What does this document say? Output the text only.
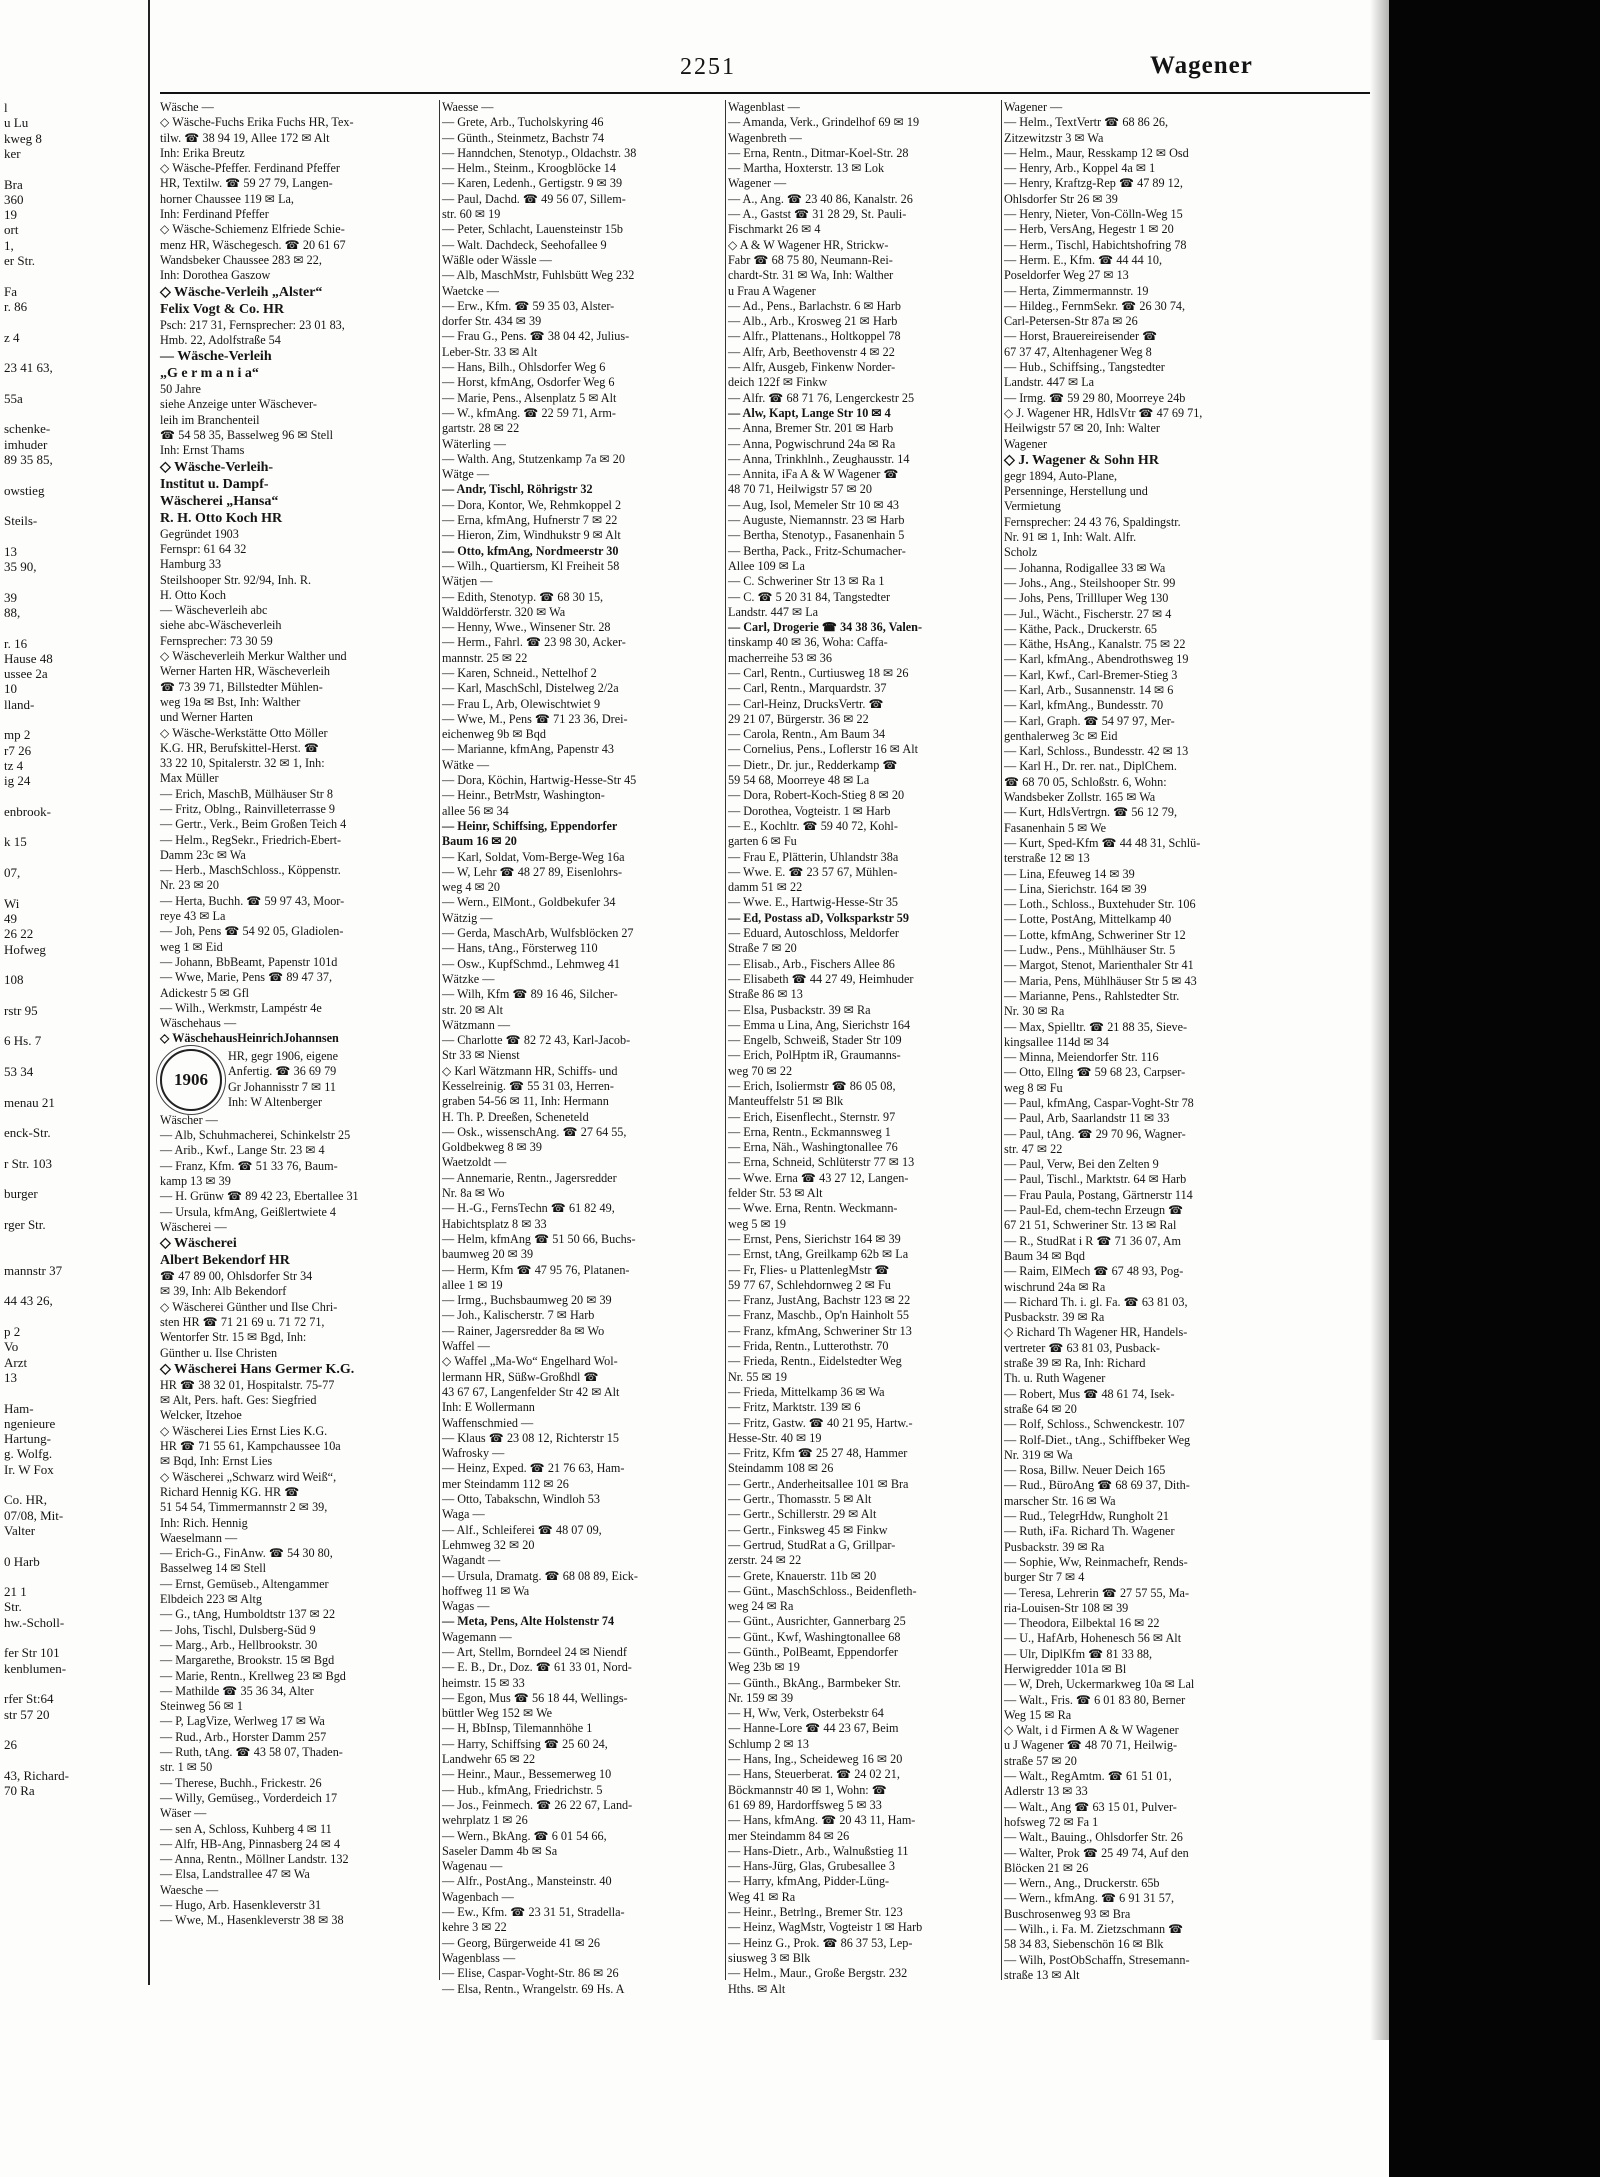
l
u Lu
kweg 8
ker
Bra
360
19
ort
1,
er Str.
Fa
r. 86
z 4
23 41 63,
55a
schenke-
imhuder
89 35 85,
owstieg
Steils-
13
35 90,
39
88,
r. 16
Hause 48
ussee 2a
10
lland-
mp 2
r7 26
tz 4
ig 24
enbrook-
k 15
07,
Wi
49
26 22
Hofweg
108
rstr 95
6 Hs. 7
53 34
menau 21
enck-Str.
r Str. 103
burger
rger Str.
mannstr 37
44 43 26,
p 2
Vo
Arzt
13
Ham-
ngenieure
Hartung-
g. Wolfg.
Ir. W Fox
Co. HR,
07/08, Mit-
Valter
0 Harb
21 1
Str.
hw.-Scholl-
fer Str 101
kenblumen-
rfer St:64
str 57 20
26
43, Richard-
70 Ra
2251	Wagener
Wäsche —
◇ Wäsche-Fuchs Erika Fuchs HR, Tex-
tilw. ☎ 38 94 19, Allee 172 ✉ Alt
Inh: Erika Breutz
◇ Wäsche-Pfeffer. Ferdinand Pfeffer
HR, Textilw. ☎ 59 27 79, Langen-
horner Chaussee 119 ✉ La,
Inh: Ferdinand Pfeffer
◇ Wäsche-Schiemenz Elfriede Schie-
menz HR, Wäschegesch. ☎ 20 61 67
Wandsbeker Chaussee 283 ✉ 22,
Inh: Dorothea Gaszow
◇ Wäsche-Verleih „Alster“
Felix Vogt & Co. HR
Psch: 217 31, Fernsprecher: 23 01 83,
Hmb. 22, Adolfstraße 54
— Wäsche-Verleih
„G e r m a n i a“
50 Jahre
siehe Anzeige unter Wäschever-
leih im Branchenteil
☎ 54 58 35, Basselweg 96 ✉ Stell
Inh: Ernst Thams
◇ Wäsche-Verleih-
Institut u. Dampf-
Wäscherei „Hansa“
R. H. Otto Koch HR
Gegründet 1903
Fernspr: 61 64 32
Hamburg 33
Steilshooper Str. 92/94, Inh. R.
H. Otto Koch
— Wäscheverleih abc
siehe abc-Wäscheverleih
Fernsprecher: 73 30 59
◇ Wäscheverleih Merkur Walther und
Werner Harten HR, Wäscheverleih
☎ 73 39 71, Billstedter Mühlen-
weg 19a ✉ Bst, Inh: Walther
und Werner Harten
◇ Wäsche-Werkstätte Otto Möller
K.G. HR, Berufskittel-Herst. ☎
33 22 10, Spitalerstr. 32 ✉ 1, Inh:
Max Müller
— Erich, MaschB, Mülhäuser Str 8
— Fritz, Oblng., Rainvilleterrasse 9
— Gertr., Verk., Beim Großen Teich 4
— Helm., RegSekr., Friedrich-Ebert-
Damm 23c ✉ Wa
— Herb., MaschSchloss., Köppenstr.
Nr. 23 ✉ 20
— Herta, Buchh. ☎ 59 97 43, Moor-
reye 43 ✉ La
— Joh, Pens ☎ 54 92 05, Gladiolen-
weg 1 ✉ Eid
— Johann, BbBeamt, Papenstr 101d
— Wwe, Marie, Pens ☎ 89 47 37,
Adickestr 5 ✉ Gfl
— Wilh., Werkmstr, Lampéstr 4e
Wäschehaus —
◇ WäschehausHeinrichJohannsen
1906
HR, gegr 1906, eigene
Anfertig. ☎ 36 69 79
Gr Johannisstr 7 ✉ 11
Inh: W Altenberger
Wäscher —
— Alb, Schuhmacherei, Schinkelstr 25
— Arib., Kwf., Lange Str. 23 ✉ 4
— Franz, Kfm. ☎ 51 33 76, Baum-
kamp 13 ✉ 39
— H. Grünw ☎ 89 42 23, Ebertallee 31
— Ursula, kfmAng, Geißlertwiete 4
Wäscherei —
◇ Wäscherei
Albert Bekendorf HR
☎ 47 89 00, Ohlsdorfer Str 34
✉ 39, Inh: Alb Bekendorf
◇ Wäscherei Günther und Ilse Chri-
sten HR ☎ 71 21 69 u. 71 72 71,
Wentorfer Str. 15 ✉ Bgd, Inh:
Günther u. Ilse Christen
◇ Wäscherei Hans Germer K.G.
HR ☎ 38 32 01, Hospitalstr. 75-77
✉ Alt, Pers. haft. Ges: Siegfried
Welcker, Itzehoe
◇ Wäscherei Lies Ernst Lies K.G.
HR ☎ 71 55 61, Kampchaussee 10a
✉ Bqd, Inh: Ernst Lies
◇ Wäscherei „Schwarz wird Weiß“,
Richard Hennig KG. HR ☎
51 54 54, Timmermannstr 2 ✉ 39,
Inh: Rich. Hennig
Waeselmann —
— Erich-G., FinAnw. ☎ 54 30 80,
Basselweg 14 ✉ Stell
— Ernst, Gemüseb., Altengammer
Elbdeich 223 ✉ Altg
— G., tAng, Humboldtstr 137 ✉ 22
— Johs, Tischl, Dulsberg-Süd 9
— Marg., Arb., Hellbrookstr. 30
— Margarethe, Brookstr. 15 ✉ Bgd
— Marie, Rentn., Krellweg 23 ✉ Bgd
— Mathilde ☎ 35 36 34, Alter
Steinweg 56 ✉ 1
— P, LagVize, Werlweg 17 ✉ Wa
— Rud., Arb., Horster Damm 257
— Ruth, tAng. ☎ 43 58 07, Thaden-
str. 1 ✉ 50
— Therese, Buchh., Frickestr. 26
— Willy, Gemüseg., Vorderdeich 17
Wäser —
— sen A, Schloss, Kuhberg 4 ✉ 11
— Alfr, HB-Ang, Pinnasberg 24 ✉ 4
— Anna, Rentn., Möllner Landstr. 132
— Elsa, Landstrallee 47 ✉ Wa
Waesche —
— Hugo, Arb. Hasenkleverstr 31
— Wwe, M., Hasenkleverstr 38 ✉ 38
Waesse —
— Grete, Arb., Tucholskyring 46
— Günth., Steinmetz, Bachstr 74
— Hanndchen, Stenotyp., Oldachstr. 38
— Helm., Steinm., Kroogblöcke 14
— Karen, Ledenh., Gertigstr. 9 ✉ 39
— Paul, Dachd. ☎ 49 56 07, Sillem-
str. 60 ✉ 19
— Peter, Schlacht, Lauensteinstr 15b
— Walt. Dachdeck, Seehofallee 9
Wäßle oder Wässle —
— Alb, MaschMstr, Fuhlsbütt Weg 232
Waetcke —
— Erw., Kfm. ☎ 59 35 03, Alster-
dorfer Str. 434 ✉ 39
— Frau G., Pens. ☎ 38 04 42, Julius-
Leber-Str. 33 ✉ Alt
— Hans, Bilh., Ohlsdorfer Weg 6
— Horst, kfmAng, Osdorfer Weg 6
— Marie, Pens., Alsenplatz 5 ✉ Alt
— W., kfmAng. ☎ 22 59 71, Arm-
gartstr. 28 ✉ 22
Wäterling —
— Walth. Ang, Stutzenkamp 7a ✉ 20
Wätge —
— Andr, Tischl, Röhrigstr 32
— Dora, Kontor, We, Rehmkoppel 2
— Erna, kfmAng, Hufnerstr 7 ✉ 22
— Hieron, Zim, Windhukstr 9 ✉ Alt
— Otto, kfmAng, Nordmeerstr 30
— Wilh., Quartiersm, Kl Freiheit 58
Wätjen —
— Edith, Stenotyp. ☎ 68 30 15,
Walddörferstr. 320 ✉ Wa
— Henny, Wwe., Winsener Str. 28
— Herm., Fahrl. ☎ 23 98 30, Acker-
mannstr. 25 ✉ 22
— Karen, Schneid., Nettelhof 2
— Karl, MaschSchl, Distelweg 2/2a
— Frau L, Arb, Olewischtwiet 9
— Wwe, M., Pens ☎ 71 23 36, Drei-
eichenweg 9b ✉ Bqd
— Marianne, kfmAng, Papenstr 43
Wätke —
— Dora, Köchin, Hartwig-Hesse-Str 45
— Heinr., BetrMstr, Washington-
allee 56 ✉ 34
— Heinr, Schiffsing, Eppendorfer
Baum 16 ✉ 20
— Karl, Soldat, Vom-Berge-Weg 16a
— W, Lehr ☎ 48 27 89, Eisenlohrs-
weg 4 ✉ 20
— Wern., ElMont., Goldbekufer 34
Wätzig —
— Gerda, MaschArb, Wulfsblöcken 27
— Hans, tAng., Försterweg 110
— Osw., KupfSchmd., Lehmweg 41
Wätzke —
— Wilh, Kfm ☎ 89 16 46, Silcher-
str. 20 ✉ Alt
Wätzmann —
— Charlotte ☎ 82 72 43, Karl-Jacob-
Str 33 ✉ Nienst
◇ Karl Wätzmann HR, Schiffs- und
Kesselreinig. ☎ 55 31 03, Herren-
graben 54-56 ✉ 11, Inh: Hermann
H. Th. P. Dreeßen, Scheneteld
— Osk., wissenschAng. ☎ 27 64 55,
Goldbekweg 8 ✉ 39
Waetzoldt —
— Annemarie, Rentn., Jagersredder
Nr. 8a ✉ Wo
— H.-G., FernsTechn ☎ 61 82 49,
Habichtsplatz 8 ✉ 33
— Helm, kfmAng ☎ 51 50 66, Buchs-
baumweg 20 ✉ 39
— Herm, Kfm ☎ 47 95 76, Platanen-
allee 1 ✉ 19
— Irmg., Buchsbaumweg 20 ✉ 39
— Joh., Kalischerstr. 7 ✉ Harb
— Rainer, Jagersredder 8a ✉ Wo
Waffel —
◇ Waffel „Ma-Wo“ Engelhard Wol-
lermann HR, Süßw-Großhdl ☎
43 67 67, Langenfelder Str 42 ✉ Alt
Inh: E Wollermann
Waffenschmied —
— Klaus ☎ 23 08 12, Richterstr 15
Wafrosky —
— Heinz, Exped. ☎ 21 76 63, Ham-
mer Steindamm 112 ✉ 26
— Otto, Tabakschn, Windloh 53
Waga —
— Alf., Schleiferei ☎ 48 07 09,
Lehmweg 32 ✉ 20
Wagandt —
— Ursula, Dramatg. ☎ 68 08 89, Eick-
hoffweg 11 ✉ Wa
Wagas —
— Meta, Pens, Alte Holstenstr 74
Wagemann —
— Art, Stellm, Borndeel 24 ✉ Niendf
— E. B., Dr., Doz. ☎ 61 33 01, Nord-
heimstr. 15 ✉ 33
— Egon, Mus ☎ 56 18 44, Wellings-
büttler Weg 152 ✉ We
— H, BbInsp, Tilemannhöhe 1
— Harry, Schiffsing ☎ 25 60 24,
Landwehr 65 ✉ 22
— Heinr., Maur., Bessemerweg 10
— Hub., kfmAng, Friedrichstr. 5
— Jos., Feinmech. ☎ 26 22 67, Land-
wehrplatz 1 ✉ 26
— Wern., BkAng. ☎ 6 01 54 66,
Saseler Damm 4b ✉ Sa
Wagenau —
— Alfr., PostAng., Mansteinstr. 40
Wagenbach —
— Ew., Kfm. ☎ 23 31 51, Stradella-
kehre 3 ✉ 22
— Georg, Bürgerweide 41 ✉ 26
Wagenblass —
— Elise, Caspar-Voght-Str. 86 ✉ 26
— Elsa, Rentn., Wrangelstr. 69 Hs. A
Wagenblast —
— Amanda, Verk., Grindelhof 69 ✉ 19
Wagenbreth —
— Erna, Rentn., Ditmar-Koel-Str. 28
— Martha, Hoxterstr. 13 ✉ Lok
Wagener —
— A., Ang. ☎ 23 40 86, Kanalstr. 26
— A., Gastst ☎ 31 28 29, St. Pauli-
Fischmarkt 26 ✉ 4
◇ A & W Wagener HR, Strickw-
Fabr ☎ 68 75 80, Neumann-Rei-
chardt-Str. 31 ✉ Wa, Inh: Walther
u Frau A Wagener
— Ad., Pens., Barlachstr. 6 ✉ Harb
— Alb., Arb., Krosweg 21 ✉ Harb
— Alfr., Plattenans., Holtkoppel 78
— Alfr, Arb, Beethovenstr 4 ✉ 22
— Alfr, Ausgeb, Finkenw Norder-
deich 122f ✉ Finkw
— Alfr. ☎ 68 71 76, Lengerckestr 25
— Alw, Kapt, Lange Str 10 ✉ 4
— Anna, Bremer Str. 201 ✉ Harb
— Anna, Pogwischrund 24a ✉ Ra
— Anna, Trinkhlnh., Zeughausstr. 14
— Annita, iFa A & W Wagener ☎
48 70 71, Heilwigstr 57 ✉ 20
— Aug, Isol, Memeler Str 10 ✉ 43
— Auguste, Niemannstr. 23 ✉ Harb
— Bertha, Stenotyp., Fasanenhain 5
— Bertha, Pack., Fritz-Schumacher-
Allee 109 ✉ La
— C. Schweriner Str 13 ✉ Ra 1
— C. ☎ 5 20 31 84, Tangstedter
Landstr. 447 ✉ La
— Carl, Drogerie ☎ 34 38 36, Valen-
tinskamp 40 ✉ 36, Woha: Caffa-
macherreihe 53 ✉ 36
— Carl, Rentn., Curtiusweg 18 ✉ 26
— Carl, Rentn., Marquardstr. 37
— Carl-Heinz, DrucksVertr. ☎
29 21 07, Bürgerstr. 36 ✉ 22
— Carola, Rentn., Am Baum 34
— Cornelius, Pens., Loflerstr 16 ✉ Alt
— Dietr., Dr. jur., Redderkamp ☎
59 54 68, Moorreye 48 ✉ La
— Dora, Robert-Koch-Stieg 8 ✉ 20
— Dorothea, Vogteistr. 1 ✉ Harb
— E., Kochltr. ☎ 59 40 72, Kohl-
garten 6 ✉ Fu
— Frau E, Plätterin, Uhlandstr 38a
— Wwe. E. ☎ 23 57 67, Mühlen-
damm 51 ✉ 22
— Wwe. E., Hartwig-Hesse-Str 35
— Ed, Postass aD, Volksparkstr 59
— Eduard, Autoschloss, Meldorfer
Straße 7 ✉ 20
— Elisab., Arb., Fischers Allee 86
— Elisabeth ☎ 44 27 49, Heimhuder
Straße 86 ✉ 13
— Elsa, Pusbackstr. 39 ✉ Ra
— Emma u Lina, Ang, Sierichstr 164
— Engelb, Schweiß, Stader Str 109
— Erich, PolHptm iR, Graumanns-
weg 70 ✉ 22
— Erich, Isoliermstr ☎ 86 05 08,
Manteuffelstr 51 ✉ Blk
— Erich, Eisenflecht., Sternstr. 97
— Erna, Rentn., Eckmannsweg 1
— Erna, Näh., Washingtonallee 76
— Erna, Schneid, Schlüterstr 77 ✉ 13
— Wwe. Erna ☎ 43 27 12, Langen-
felder Str. 53 ✉ Alt
— Wwe. Erna, Rentn. Weckmann-
weg 5 ✉ 19
— Ernst, Pens, Sierichstr 164 ✉ 39
— Ernst, tAng, Greilkamp 62b ✉ La
— Fr, Flies- u PlattenlegMstr ☎
59 77 67, Schlehdornweg 2 ✉ Fu
— Franz, JustAng, Bachstr 123 ✉ 22
— Franz, Maschb., Op'n Hainholt 55
— Franz, kfmAng, Schweriner Str 13
— Frida, Rentn., Lutterothstr. 70
— Frieda, Rentn., Eidelstedter Weg
Nr. 55 ✉ 19
— Frieda, Mittelkamp 36 ✉ Wa
— Fritz, Marktstr. 139 ✉ 6
— Fritz, Gastw. ☎ 40 21 95, Hartw.-
Hesse-Str. 40 ✉ 19
— Fritz, Kfm ☎ 25 27 48, Hammer
Steindamm 108 ✉ 26
— Gertr., Anderheitsallee 101 ✉ Bra
— Gertr., Thomasstr. 5 ✉ Alt
— Gertr., Schillerstr. 29 ✉ Alt
— Gertr., Finksweg 45 ✉ Finkw
— Gertrud, StudRat a G, Grillpar-
zerstr. 24 ✉ 22
— Grete, Knauerstr. 11b ✉ 20
— Günt., MaschSchloss., Beidenfleth-
weg 24 ✉ Ra
— Günt., Ausrichter, Gannerbarg 25
— Günt., Kwf, Washingtonallee 68
— Günth., PolBeamt, Eppendorfer
Weg 23b ✉ 19
— Günth., BkAng., Barmbeker Str.
Nr. 159 ✉ 39
— H, Ww, Verk, Osterbekstr 64
— Hanne-Lore ☎ 44 23 67, Beim
Schlump 2 ✉ 13
— Hans, Ing., Scheideweg 16 ✉ 20
— Hans, Steuerberat. ☎ 24 02 21,
Böckmannstr 40 ✉ 1, Wohn: ☎
61 69 89, Hardorffsweg 5 ✉ 33
— Hans, kfmAng. ☎ 20 43 11, Ham-
mer Steindamm 84 ✉ 26
— Hans-Dietr., Arb., Walnußstieg 11
— Hans-Jürg, Glas, Grubesallee 3
— Harry, kfmAng, Pidder-Lüng-
Weg 41 ✉ Ra
— Heinr., Betrlng., Bremer Str. 123
— Heinz, WagMstr, Vogteistr 1 ✉ Harb
— Heinz G., Prok. ☎ 86 37 53, Lep-
siusweg 3 ✉ Blk
— Helm., Maur., Große Bergstr. 232
Hths. ✉ Alt
Wagener —
— Helm., TextVertr ☎ 68 86 26,
Zitzewitzstr 3 ✉ Wa
— Helm., Maur, Resskamp 12 ✉ Osd
— Henry, Arb., Koppel 4a ✉ 1
— Henry, Kraftzg-Rep ☎ 47 89 12,
Ohlsdorfer Str 26 ✉ 39
— Henry, Nieter, Von-Cölln-Weg 15
— Herb, VersAng, Hegestr 1 ✉ 20
— Herm., Tischl, Habichtshofring 78
— Herm. E., Kfm. ☎ 44 44 10,
Poseldorfer Weg 27 ✉ 13
— Herta, Zimmermannstr. 19
— Hildeg., FernmSekr. ☎ 26 30 74,
Carl-Petersen-Str 87a ✉ 26
— Horst, Brauereireisender ☎
67 37 47, Altenhagener Weg 8
— Hub., Schiffsing., Tangstedter
Landstr. 447 ✉ La
— Irmg. ☎ 59 29 80, Moorreye 24b
◇ J. Wagener HR, HdlsVtr ☎ 47 69 71,
Heilwigstr 57 ✉ 20, Inh: Walter
Wagener
◇ J. Wagener & Sohn HR
gegr 1894, Auto-Plane,
Persenninge, Herstellung und
Vermietung
Fernsprecher: 24 43 76, Spaldingstr.
Nr. 91 ✉ 1, Inh: Walt. Alfr.
Scholz
— Johanna, Rodigallee 33 ✉ Wa
— Johs., Ang., Steilshooper Str. 99
— Johs, Pens, Trillluper Weg 130
— Jul., Wächt., Fischerstr. 27 ✉ 4
— Käthe, Pack., Druckerstr. 65
— Käthe, HsAng., Kanalstr. 75 ✉ 22
— Karl, kfmAng., Abendrothsweg 19
— Karl, Kwf., Carl-Bremer-Stieg 3
— Karl, Arb., Susannenstr. 14 ✉ 6
— Karl, kfmAng., Bundesstr. 70
— Karl, Graph. ☎ 54 97 97, Mer-
genthalerweg 3c ✉ Eid
— Karl, Schloss., Bundesstr. 42 ✉ 13
— Karl H., Dr. rer. nat., DiplChem.
☎ 68 70 05, Schloßstr. 6, Wohn:
Wandsbeker Zollstr. 165 ✉ Wa
— Kurt, HdlsVertrgn. ☎ 56 12 79,
Fasanenhain 5 ✉ We
— Kurt, Sped-Kfm ☎ 44 48 31, Schlü-
terstraße 12 ✉ 13
— Lina, Efeuweg 14 ✉ 39
— Lina, Sierichstr. 164 ✉ 39
— Loth., Schloss., Buxtehuder Str. 106
— Lotte, PostAng, Mittelkamp 40
— Lotte, kfmAng, Schweriner Str 12
— Ludw., Pens., Mühlhäuser Str. 5
— Margot, Stenot, Marienthaler Str 41
— Maria, Pens, Mühlhäuser Str 5 ✉ 43
— Marianne, Pens., Rahlstedter Str.
Nr. 30 ✉ Ra
— Max, Spielltr. ☎ 21 88 35, Sieve-
kingsallee 114d ✉ 34
— Minna, Meiendorfer Str. 116
— Otto, Ellng ☎ 59 68 23, Carpser-
weg 8 ✉ Fu
— Paul, kfmAng, Caspar-Voght-Str 78
— Paul, Arb, Saarlandstr 11 ✉ 33
— Paul, tAng. ☎ 29 70 96, Wagner-
str. 47 ✉ 22
— Paul, Verw, Bei den Zelten 9
— Paul, Tischl., Marktstr. 64 ✉ Harb
— Frau Paula, Postang, Gärtnerstr 114
— Paul-Ed, chem-techn Erzeugn ☎
67 21 51, Schweriner Str. 13 ✉ Ral
— R., StudRat i R ☎ 71 36 07, Am
Baum 34 ✉ Bqd
— Raim, ElMech ☎ 67 48 93, Pog-
wischrund 24a ✉ Ra
— Richard Th. i. gl. Fa. ☎ 63 81 03,
Pusbackstr. 39 ✉ Ra
◇ Richard Th Wagener HR, Handels-
vertreter ☎ 63 81 03, Pusback-
straße 39 ✉ Ra, Inh: Richard
Th. u. Ruth Wagener
— Robert, Mus ☎ 48 61 74, Isek-
straße 64 ✉ 20
— Rolf, Schloss., Schwenckestr. 107
— Rolf-Diet., tAng., Schiffbeker Weg
Nr. 319 ✉ Wa
— Rosa, Billw. Neuer Deich 165
— Rud., BüroAng ☎ 68 69 37, Dith-
marscher Str. 16 ✉ Wa
— Rud., TelegrHdw, Rungholt 21
— Ruth, iFa. Richard Th. Wagener
Pusbackstr. 39 ✉ Ra
— Sophie, Ww, Reinmachefr, Rends-
burger Str 7 ✉ 4
— Teresa, Lehrerin ☎ 27 57 55, Ma-
ria-Louisen-Str 108 ✉ 39
— Theodora, Eilbektal 16 ✉ 22
— U., HafArb, Hohenesch 56 ✉ Alt
— Ulr, DiplKfm ☎ 81 33 88,
Herwigredder 101a ✉ Bl
— W, Dreh, Uckermarkweg 10a ✉ Lal
— Walt., Fris. ☎ 6 01 83 80, Berner
Weg 15 ✉ Ra
◇ Walt, i d Firmen A & W Wagener
u J Wagener ☎ 48 70 71, Heilwig-
straße 57 ✉ 20
— Walt., RegAmtm. ☎ 61 51 01,
Adlerstr 13 ✉ 33
— Walt., Ang ☎ 63 15 01, Pulver-
hofsweg 72 ✉ Fa 1
— Walt., Bauing., Ohlsdorfer Str. 26
— Walter, Prok ☎ 25 49 74, Auf den
Blöcken 21 ✉ 26
— Wern., Ang., Druckerstr. 65b
— Wern., kfmAng. ☎ 6 91 31 57,
Buschrosenweg 93 ✉ Bra
— Wilh., i. Fa. M. Zietzschmann ☎
58 34 83, Siebenschön 16 ✉ Blk
— Wilh, PostObSchaffn, Stresemann-
straße 13 ✉ Alt
